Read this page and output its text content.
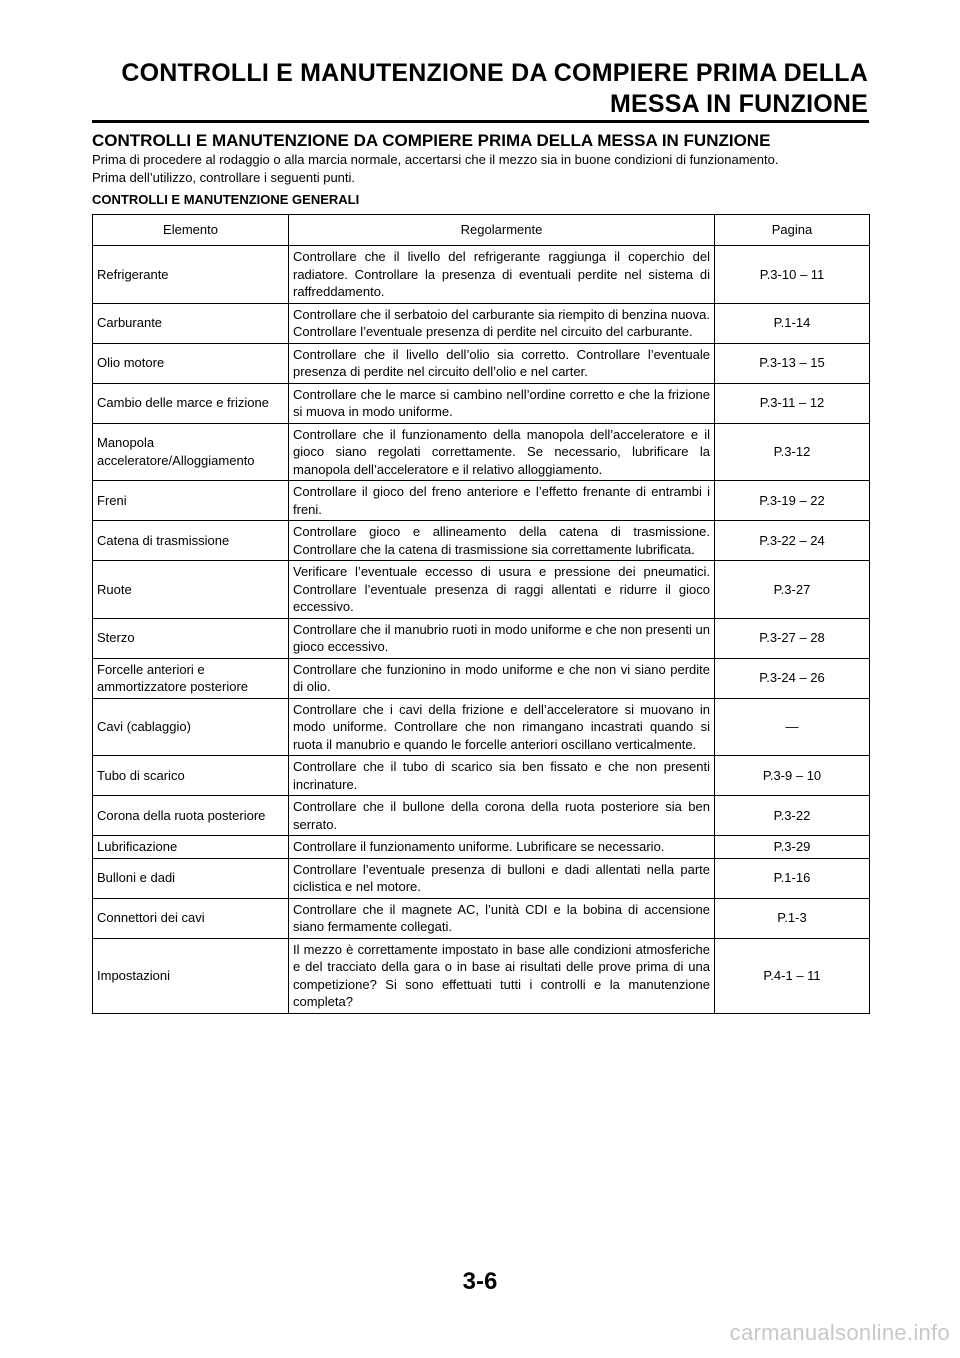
CONTROLLI E MANUTENZIONE DA COMPIERE PRIMA DELLA
MESSA IN FUNZIONE
CONTROLLI E MANUTENZIONE DA COMPIERE PRIMA DELLA MESSA IN FUNZIONE

Prima di procedere al rodaggio o alla marcia normale, accertarsi che il mezzo sia in buone condizioni di funzionamento.

Prima dell’utilizzo, controllare i seguenti punti.

CONTROLLI E MANUTENZIONE GENERALI
Elemento	Regolarmente	Pagina
Refrigerante	Controllare che il livello del refrigerante raggiunga il coperchio del radiatore. Controllare la presenza di eventuali perdite nel sistema di raffreddamento.	P.3-10 – 11
Carburante	Controllare che il serbatoio del carburante sia riempito di benzina nuova. Controllare l’eventuale presenza di perdite nel circuito del carburante.	P.1-14
Olio motore	Controllare che il livello dell’olio sia corretto. Controllare l’eventuale presenza di perdite nel circuito dell’olio e nel carter.	P.3-13 – 15
Cambio delle marce e frizione	Controllare che le marce si cambino nell’ordine corretto e che la frizione si muova in modo uniforme.	P.3-11 – 12
Manopola acceleratore/Alloggiamento	Controllare che il funzionamento della manopola dell’acceleratore e il gioco siano regolati correttamente. Se necessario, lubrificare la manopola dell’acceleratore e il relativo alloggiamento.	P.3-12
Freni	Controllare il gioco del freno anteriore e l’effetto frenante di entrambi i freni.	P.3-19 – 22
Catena di trasmissione	Controllare gioco e allineamento della catena di trasmissione. Controllare che la catena di trasmissione sia correttamente lubrificata.	P.3-22 – 24
Ruote	Verificare l’eventuale eccesso di usura e pressione dei pneumatici. Controllare l’eventuale presenza di raggi allentati e ridurre il gioco eccessivo.	P.3-27
Sterzo	Controllare che il manubrio ruoti in modo uniforme e che non presenti un gioco eccessivo.	P.3-27 – 28
Forcelle anteriori e ammortizzatore posteriore	Controllare che funzionino in modo uniforme e che non vi siano perdite di olio.	P.3-24 – 26
Cavi (cablaggio)	Controllare che i cavi della frizione e dell’acceleratore si muovano in modo uniforme. Controllare che non rimangano incastrati quando si ruota il manubrio e quando le forcelle anteriori oscillano verticalmente.	—
Tubo di scarico	Controllare che il tubo di scarico sia ben fissato e che non presenti incrinature.	P.3-9 – 10
Corona della ruota posteriore	Controllare che il bullone della corona della ruota posteriore sia ben serrato.	P.3-22
Lubrificazione	Controllare il funzionamento uniforme. Lubrificare se necessario.	P.3-29
Bulloni e dadi	Controllare l’eventuale presenza di bulloni e dadi allentati nella parte ciclistica e nel motore.	P.1-16
Connettori dei cavi	Controllare che il magnete AC, l’unità CDI e la bobina di accensione siano fermamente collegati.	P.1-3
Impostazioni	Il mezzo è correttamente impostato in base alle condizioni atmosferiche e del tracciato della gara o in base ai risultati delle prove prima di una competizione? Si sono effettuati tutti i controlli e la manutenzione completa?	P.4-1 – 11
3-6
carmanualsonline.info
